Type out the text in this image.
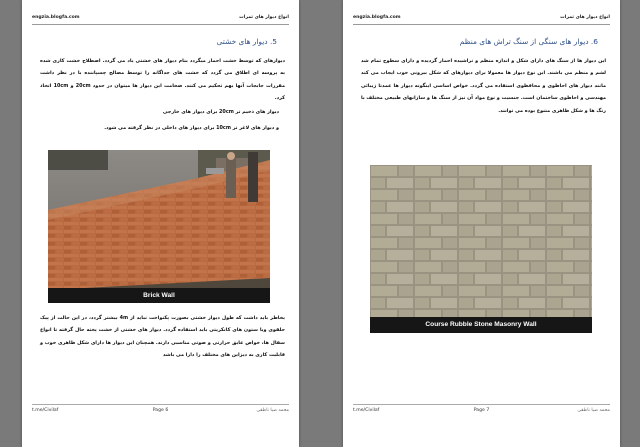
engzia.blogfa.com	انواع دیوار های ثمرات
5. دیوار های خشتی
دیوارهای که توسط خشت احمار میگردد بنام دیوار های خشتی یاد می گردد. اصطلاح خشت کاری شده به پروسه ای اطلاق می گردد که خشت های جداگانه را توسط مصالح چسپاننده با در نظر داشت مقررات جابجات آنها بهم تحکیم می کنند. ضخامت این دیوار ها میتوان در حدود 20cm و 10cm اتخاذ کرد.
دیوار های ذخیم تر 20cm برای دیوار های خارجی
و دیوار های لاغر تر 10cm برای دیوار های داخلی در نظر گرفته می شود.
Brick Wall
بخاطر باید داشت که طول دیوار خشتی بصورت پکنواخت نباید از 4m بیشتر گردد، در این حالت از پیک حلقوی ویا ستون های کانکریتی باید استفاده گردد. دیوار های خشتی از خشت پخته حال گرفته تا انواع سفال ها، خواص عایق حرارتی و صوتی مناسبی دارند. همچنان این دیوار ها دارای شکل ظاهری خوب و قابلیت کاری به دیزاین های مختلف را دارا می باشد
t.me/Civilaf	Page 6	محمد ضیا ناطقی
engzia.blogfa.com	انواع دیوار های ثمرات
6. دیوار های سنگی از سنگ تراش های منظم
این دیوار ها از سنگ های دارای شکل و اندازه منظم و تراشیده احمار گردیده و دارای سطوح تمام شد لشم و منظم می باشند. این نوع دیوار ها معمولا برای دیوارهای که شکل بیرونی خوب ایجاب می کند مانند دیوار های احاطوی و محافظوی استفاده می گردد. خواص اساسی اینگونه دیوار ها عمدتا زیبائی مهندسی و احاطوی ساختمان است. جنسیت و نوع مواد آن نیز از سنگ ها و سازانهای طبیعی مختلف با رنگ ها و شکل ظاهری متنوع بوده می توانند.
Course Rubble Stone Masonry Wall
t.me/Civilaf	Page 7	محمد ضیا ناطقی
